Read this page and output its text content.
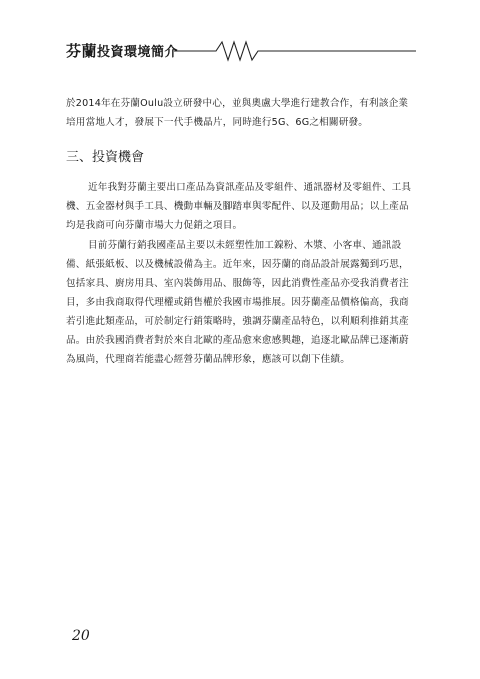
芬蘭投資環境簡介

於2014年在芬蘭Oulu設立研發中心，並與奧盧大學進行建教合作，有利該企業培用當地人才，發展下一代手機晶片，同時進行5G、6G之相關研發。

三、投資機會

近年我對芬蘭主要出口產品為資訊產品及零組件、通訊器材及零組件、工具機、五金器材與手工具、機動車輛及腳踏車與零配件、以及運動用品；以上產品均是我商可向芬蘭市場大力促銷之項目。

目前芬蘭行銷我國產品主要以未經塑性加工鎳粉、木漿、小客車、通訊設備、紙張紙板、以及機械設備為主。近年來，因芬蘭的商品設計展露獨到巧思，包括家具、廚房用具、室內裝飾用品、服飾等，因此消費性產品亦受我消費者注目，多由我商取得代理權或銷售權於我國市場推展。因芬蘭產品價格偏高，我商若引進此類產品，可於制定行銷策略時，強調芬蘭產品特色，以利順利推銷其產品。由於我國消費者對於來自北歐的產品愈來愈感興趣，追逐北歐品牌已逐漸蔚為風尚，代理商若能盡心經營芬蘭品牌形象，應該可以創下佳績。

20
